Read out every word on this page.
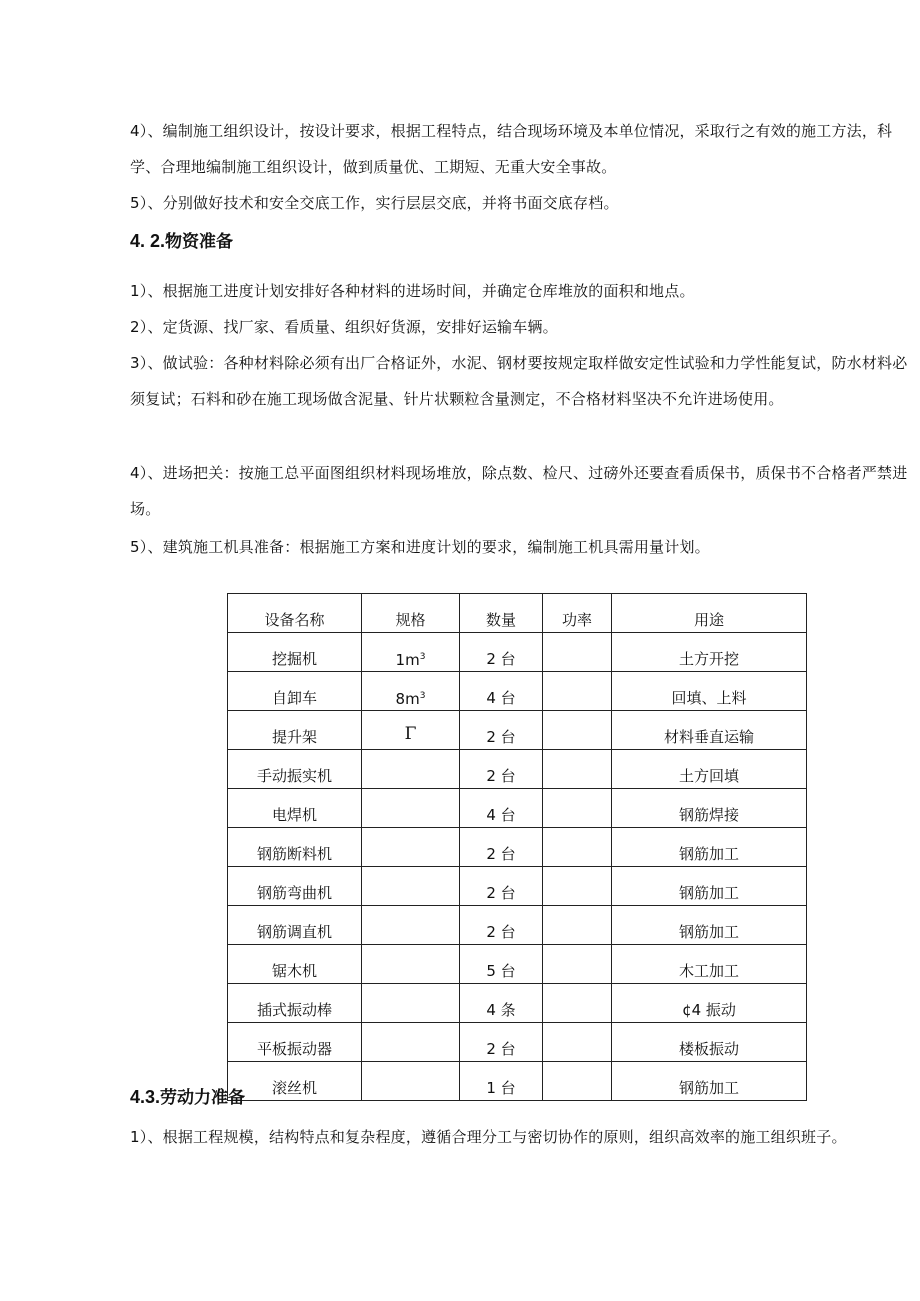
4）、编制施工组织设计，按设计要求，根据工程特点，结合现场环境及本单位情况，采取行之有效的施工方法，科学、合理地编制施工组织设计，做到质量优、工期短、无重大安全事故。

5）、分别做好技术和安全交底工作，实行层层交底，并将书面交底存档。

4. 2.物资准备

1）、根据施工进度计划安排好各种材料的进场时间，并确定仓库堆放的面积和地点。

2）、定货源、找厂家、看质量、组织好货源，安排好运输车辆。

3）、做试验：各种材料除必须有出厂合格证外，水泥、钢材要按规定取样做安定性试验和力学性能复试，防水材料必须复试；石料和砂在施工现场做含泥量、针片状颗粒含量测定，不合格材料坚决不允许进场使用。

4）、进场把关：按施工总平面图组织材料现场堆放，除点数、检尺、过磅外还要查看质保书，质保书不合格者严禁进场。

5）、建筑施工机具准备：根据施工方案和进度计划的要求，编制施工机具需用量计划。

设备名称	规格	数量	功率	用途
挖掘机	$1m^3$	2 台		土方开挖
自卸车	$8m^3$	4 台		回填、上料
提升架	Γ	2 台		材料垂直运输
手动振实机		2 台		土方回填
电焊机		4 台		钢筋焊接
钢筋断料机		2 台		钢筋加工
钢筋弯曲机		2 台		钢筋加工
钢筋调直机		2 台		钢筋加工
锯木机		5 台		木工加工
插式振动棒		4 条		¢4 振动
平板振动器		2 台		楼板振动
滚丝机		1 台		钢筋加工
4.3.劳动力准备

1）、根据工程规模，结构特点和复杂程度，遵循合理分工与密切协作的原则，组织高效率的施工组织班子。
